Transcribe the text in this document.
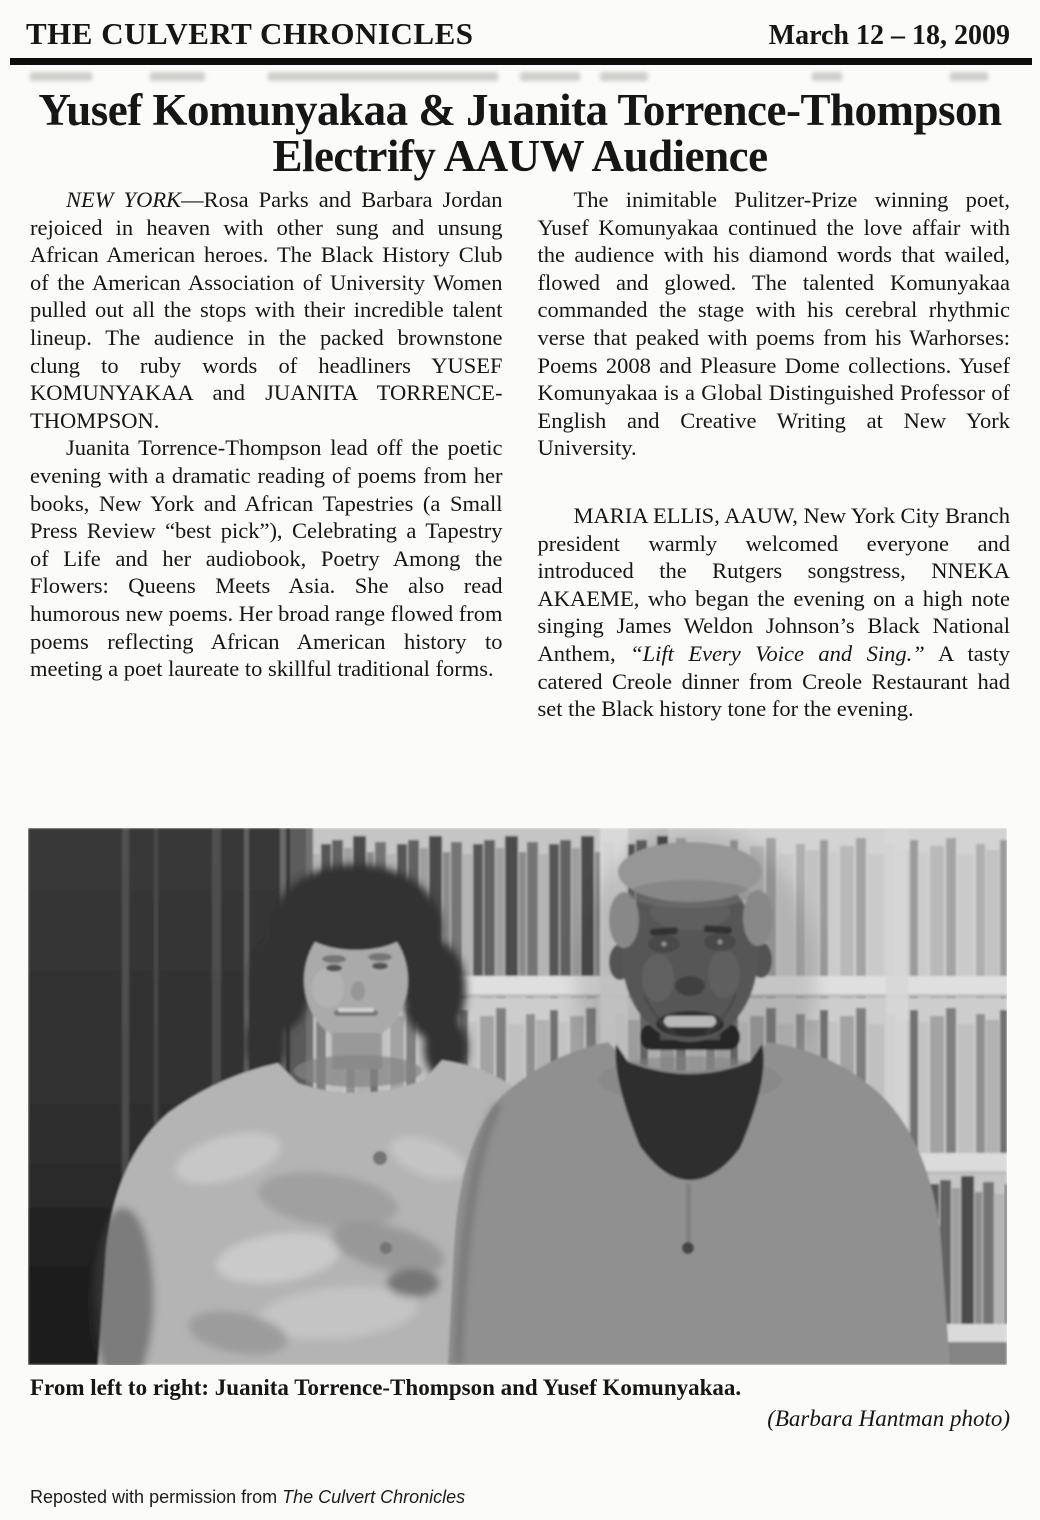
THE CULVERT CHRONICLES	March 12 – 18, 2009
Yusef Komunyakaa & Juanita Torrence-Thompson
Electrify AAUW Audience

NEW YORK—Rosa Parks and Barbara Jordan rejoiced in heaven with other sung and unsung African American heroes. The Black History Club of the American Association of University Women pulled out all the stops with their incredible talent lineup. The audience in the packed brownstone clung to ruby words of headliners YUSEF KOMUNYAKAA and JUANITA TORRENCE-THOMPSON.

Juanita Torrence-Thompson lead off the poetic evening with a dramatic reading of poems from her books, New York and African Tapestries (a Small Press Review “best pick”), Celebrating a Tapestry of Life and her audiobook, Poetry Among the Flowers: Queens Meets Asia. She also read humorous new poems. Her broad range flowed from poems reflecting African American history to meeting a poet laureate to skillful traditional forms.

The inimitable Pulitzer-Prize winning poet, Yusef Komunyakaa continued the love affair with the audience with his diamond words that wailed, flowed and glowed. The talented Komunyakaa commanded the stage with his cerebral rhythmic verse that peaked with poems from his Warhorses: Poems 2008 and Pleasure Dome collections. Yusef Komunyakaa is a Global Distinguished Professor of English and Creative Writing at New York University.

MARIA ELLIS, AAUW, New York City Branch president warmly welcomed everyone and introduced the Rutgers songstress, NNEKA AKAEME, who began the evening on a high note singing James Weldon Johnson’s Black National Anthem, “Lift Every Voice and Sing.” A tasty catered Creole dinner from Creole Restaurant had set the Black history tone for the evening.

From left to right: Juanita Torrence-Thompson and Yusef Komunyakaa.
(Barbara Hantman photo)
Reposted with permission from The Culvert Chronicles
